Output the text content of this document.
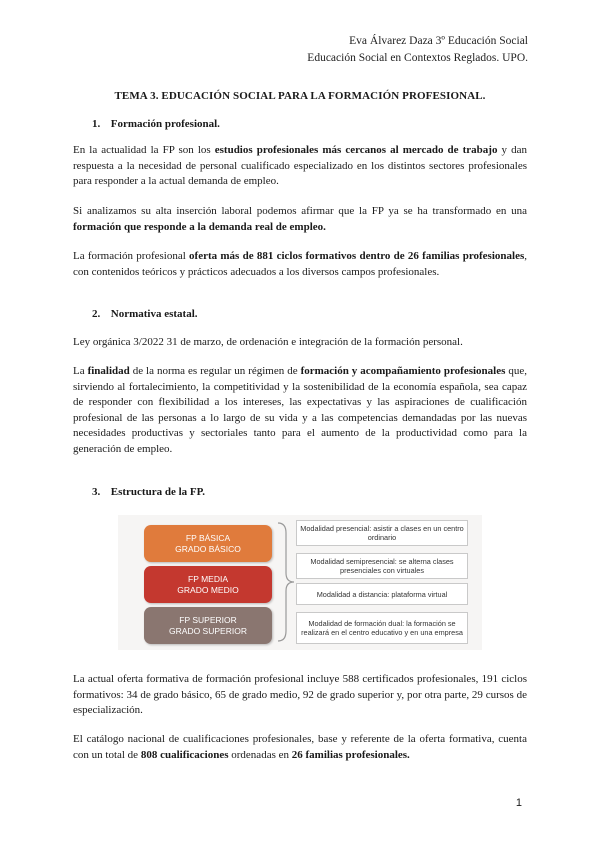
Eva Álvarez Daza 3º Educación Social
Educación Social en Contextos Reglados. UPO.
TEMA 3. EDUCACIÓN SOCIAL PARA LA FORMACIÓN PROFESIONAL.
1. Formación profesional.
En la actualidad la FP son los estudios profesionales más cercanos al mercado de trabajo y dan respuesta a la necesidad de personal cualificado especializado en los distintos sectores profesionales para responder a la actual demanda de empleo.
Si analizamos su alta inserción laboral podemos afirmar que la FP ya se ha transformado en una formación que responde a la demanda real de empleo.
La formación profesional oferta más de 881 ciclos formativos dentro de 26 familias profesionales, con contenidos teóricos y prácticos adecuados a los diversos campos profesionales.
2. Normativa estatal.
Ley orgánica 3/2022 31 de marzo, de ordenación e integración de la formación personal.
La finalidad de la norma es regular un régimen de formación y acompañamiento profesionales que, sirviendo al fortalecimiento, la competitividad y la sostenibilidad de la economía española, sea capaz de responder con flexibilidad a los intereses, las expectativas y las aspiraciones de cualificación profesional de las personas a lo largo de su vida y a las competencias demandadas por las nuevas necesidades productivas y sectoriales tanto para el aumento de la productividad como para la generación de empleo.
3. Estructura de la FP.
FP BÁSICA
GRADO BÁSICO
FP MEDIA
GRADO MEDIO
FP SUPERIOR
GRADO SUPERIOR
Modalidad presencial: asistir a clases en un centro ordinario
Modalidad semipresencial: se alterna clases presenciales con virtuales
Modalidad a distancia: plataforma virtual
Modalidad de formación dual: la formación se realizará en el centro educativo y en una empresa
La actual oferta formativa de formación profesional incluye 588 certificados profesionales, 191 ciclos formativos: 34 de grado básico, 65 de grado medio, 92 de grado superior y, por otra parte, 29 cursos de especialización.
El catálogo nacional de cualificaciones profesionales, base y referente de la oferta formativa, cuenta con un total de 808 cualificaciones ordenadas en 26 familias profesionales.
1
